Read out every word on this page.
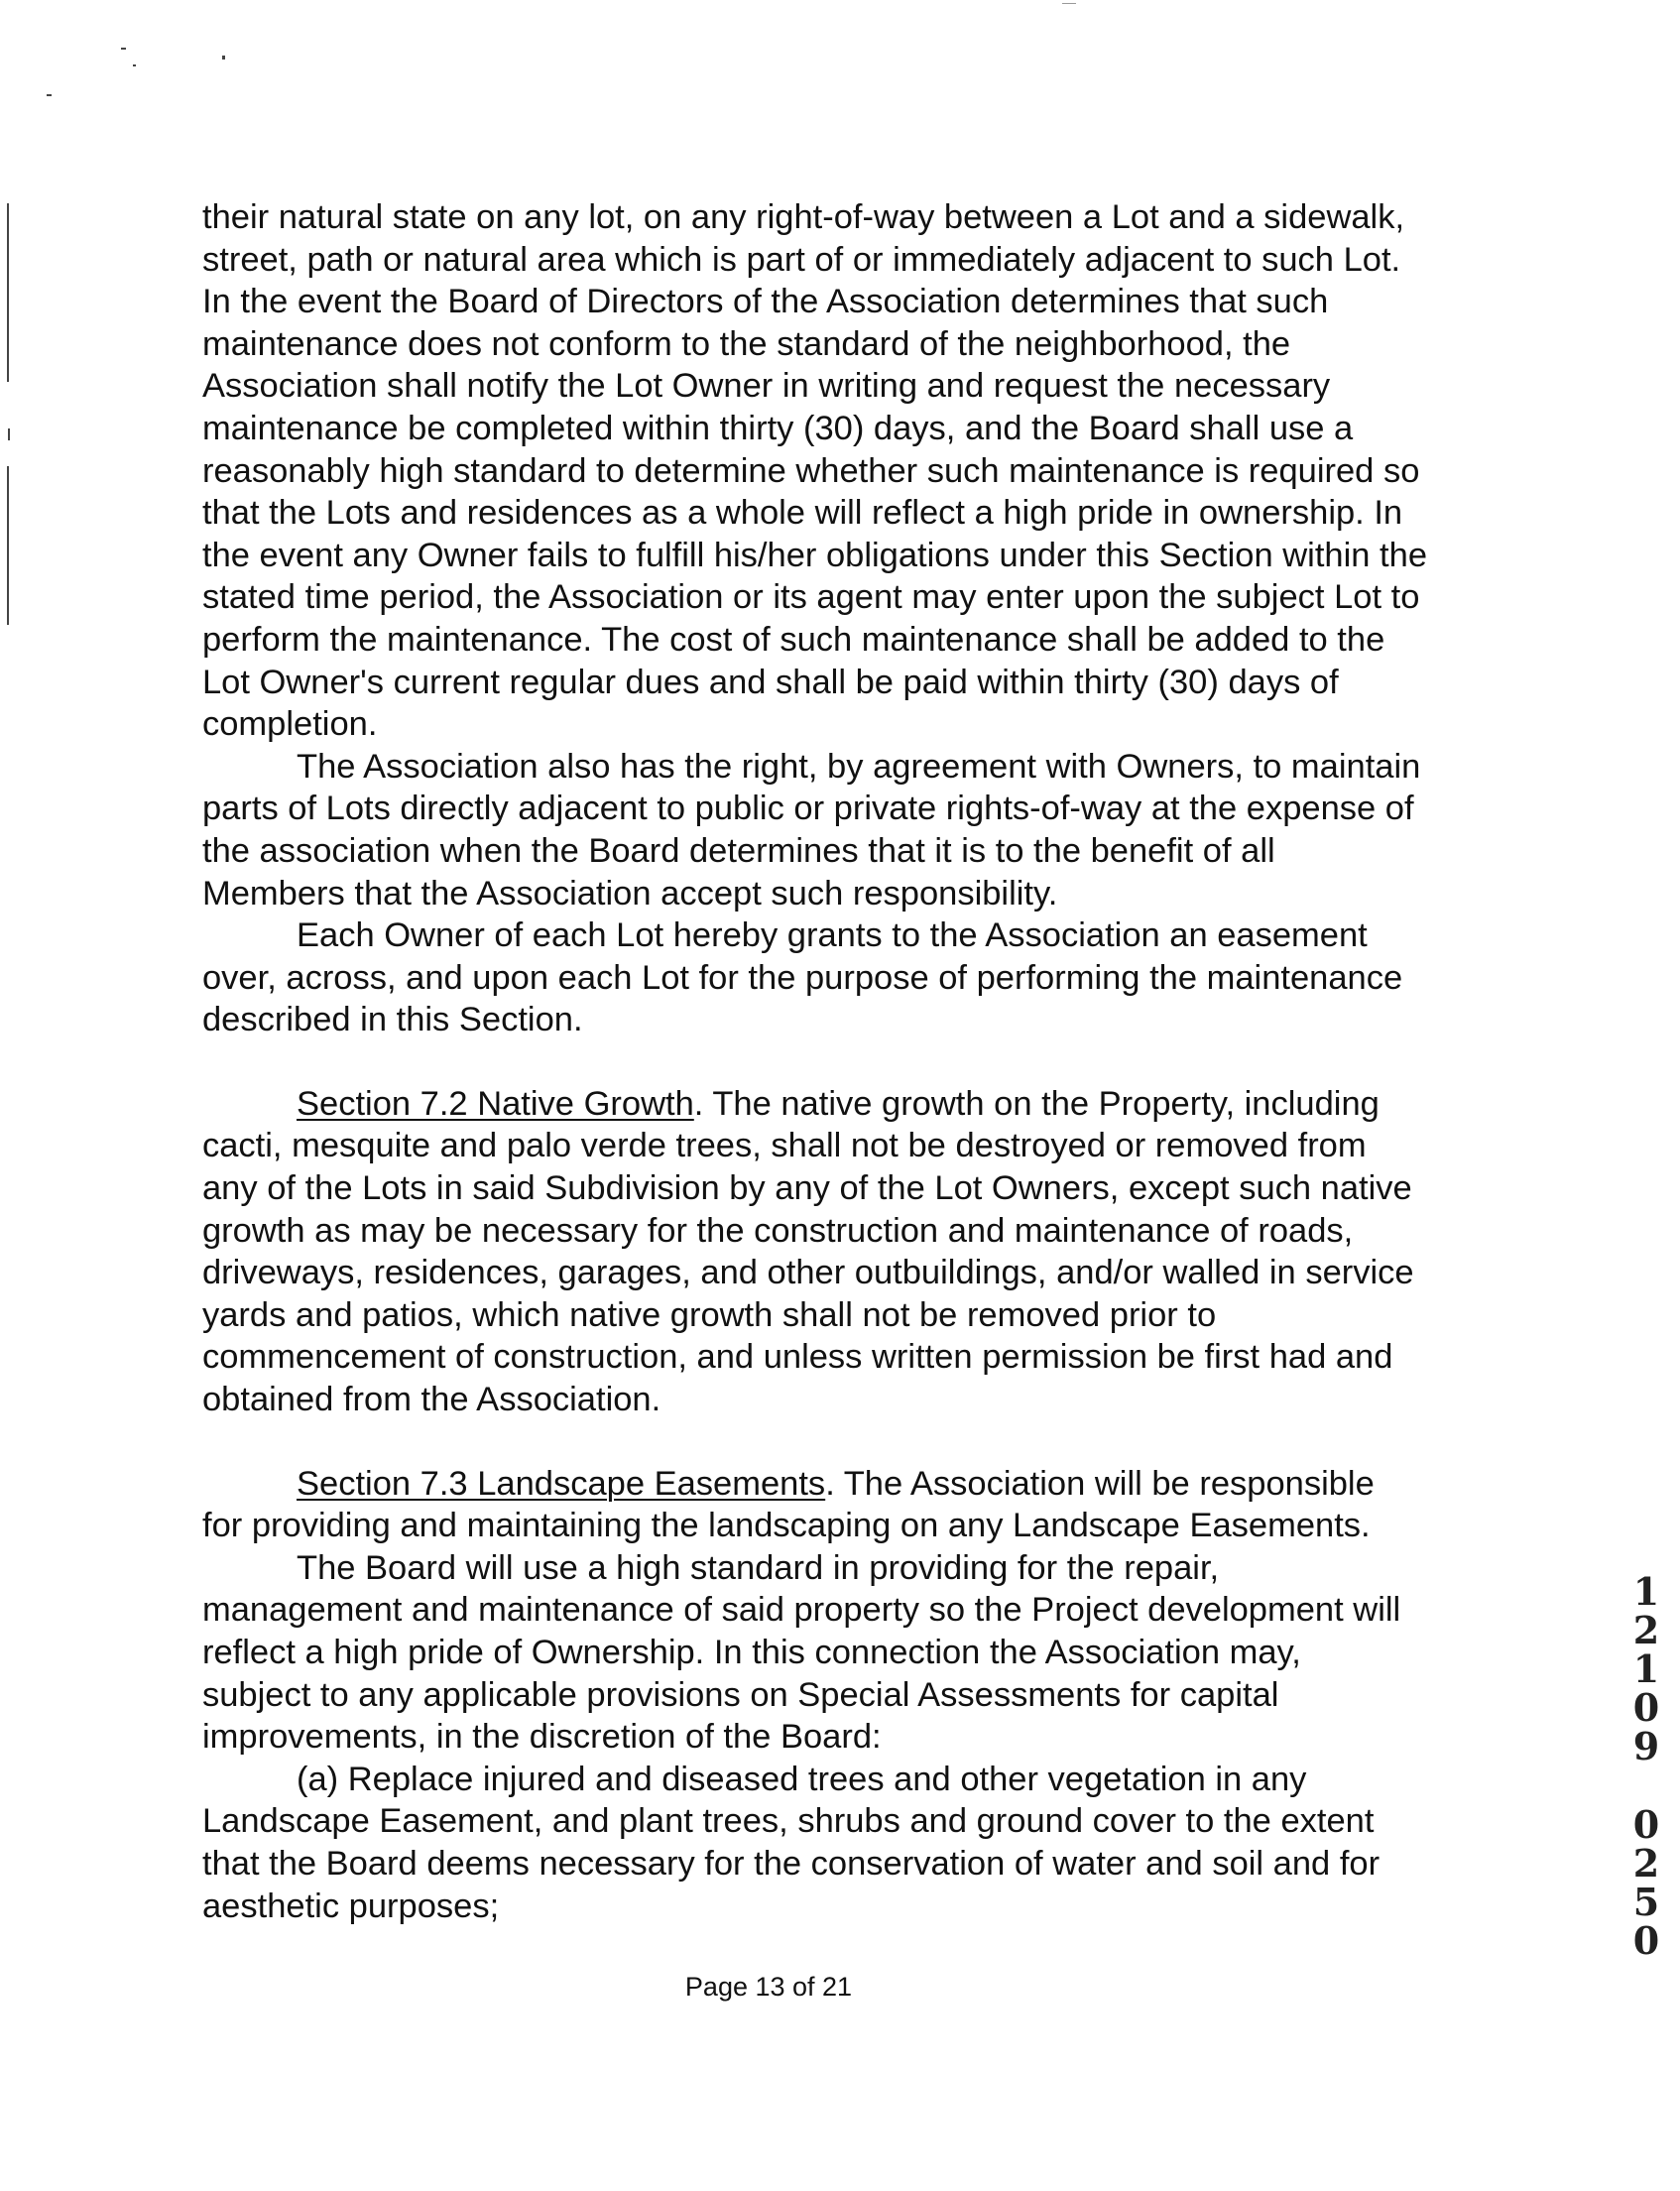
their natural state on any lot, on any right-of-way between a Lot and a sidewalk,
street, path or natural area which is part of or immediately adjacent to such Lot.
In the event the Board of Directors of the Association determines that such
maintenance does not conform to the standard of the neighborhood, the
Association shall notify the Lot Owner in writing and request the necessary
maintenance be completed within thirty (30) days, and the Board shall use a
reasonably high standard to determine whether such maintenance is required so
that the Lots and residences as a whole will reflect a high pride in ownership. In
the event any Owner fails to fulfill his/her obligations under this Section within the
stated time period, the Association or its agent may enter upon the subject Lot to
perform the maintenance. The cost of such maintenance shall be added to the
Lot Owner's current regular dues and shall be paid within thirty (30) days of
completion.

The Association also has the right, by agreement with Owners, to maintain
parts of Lots directly adjacent to public or private rights-of-way at the expense of
the association when the Board determines that it is to the benefit of all
Members that the Association accept such responsibility.

Each Owner of each Lot hereby grants to the Association an easement
over, across, and upon each Lot for the purpose of performing the maintenance
described in this Section.

Section 7.2 Native Growth. The native growth on the Property, including
cacti, mesquite and palo verde trees, shall not be destroyed or removed from
any of the Lots in said Subdivision by any of the Lot Owners, except such native
growth as may be necessary for the construction and maintenance of roads,
driveways, residences, garages, and other outbuildings, and/or walled in service
yards and patios, which native growth shall not be removed prior to
commencement of construction, and unless written permission be first had and
obtained from the Association.

Section 7.3 Landscape Easements. The Association will be responsible
for providing and maintaining the landscaping on any Landscape Easements.

The Board will use a high standard in providing for the repair,
management and maintenance of said property so the Project development will
reflect a high pride of Ownership. In this connection the Association may,
subject to any applicable provisions on Special Assessments for capital
improvements, in the discretion of the Board:

(a) Replace injured and diseased trees and other vegetation in any
Landscape Easement, and plant trees, shrubs and ground cover to the extent
that the Board deems necessary for the conservation of water and soil and for
aesthetic purposes;

Page 13 of 21
1
2
1
0
9
0
2
5
0
